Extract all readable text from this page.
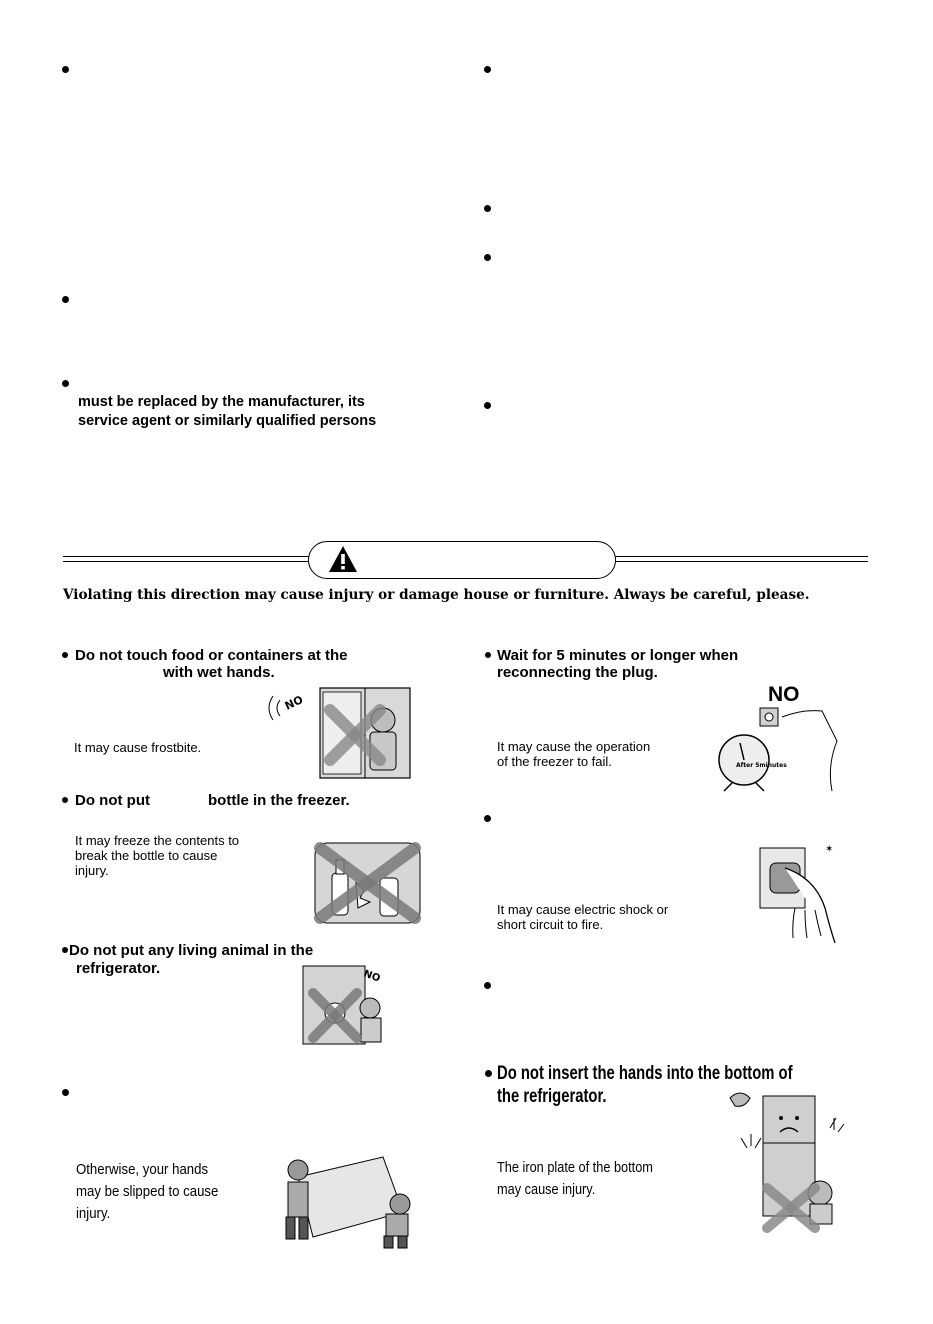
must be replaced by the manufacturer, its
service agent or similarly qualified persons
Violating this direction may cause injury or damage house or furniture. Always be careful, please.
Do not touch food or containers at the
with wet hands.
It may cause frostbite.
NO
Do not put	bottle in the freezer.
It may freeze the contents to
break the bottle to cause
injury.
Do not put any living animal in the
refrigerator.	NO
Otherwise, your hands
may be slipped to cause
injury.
Wait for 5 minutes or longer when
reconnecting the plug.
It may cause the operation
of the freezer to fail.
NO
After 5minutes
It may cause electric shock or
short circuit to fire.
✶
Do not insert the hands into the bottom of
the refrigerator.
The iron plate of the bottom
may cause injury.
